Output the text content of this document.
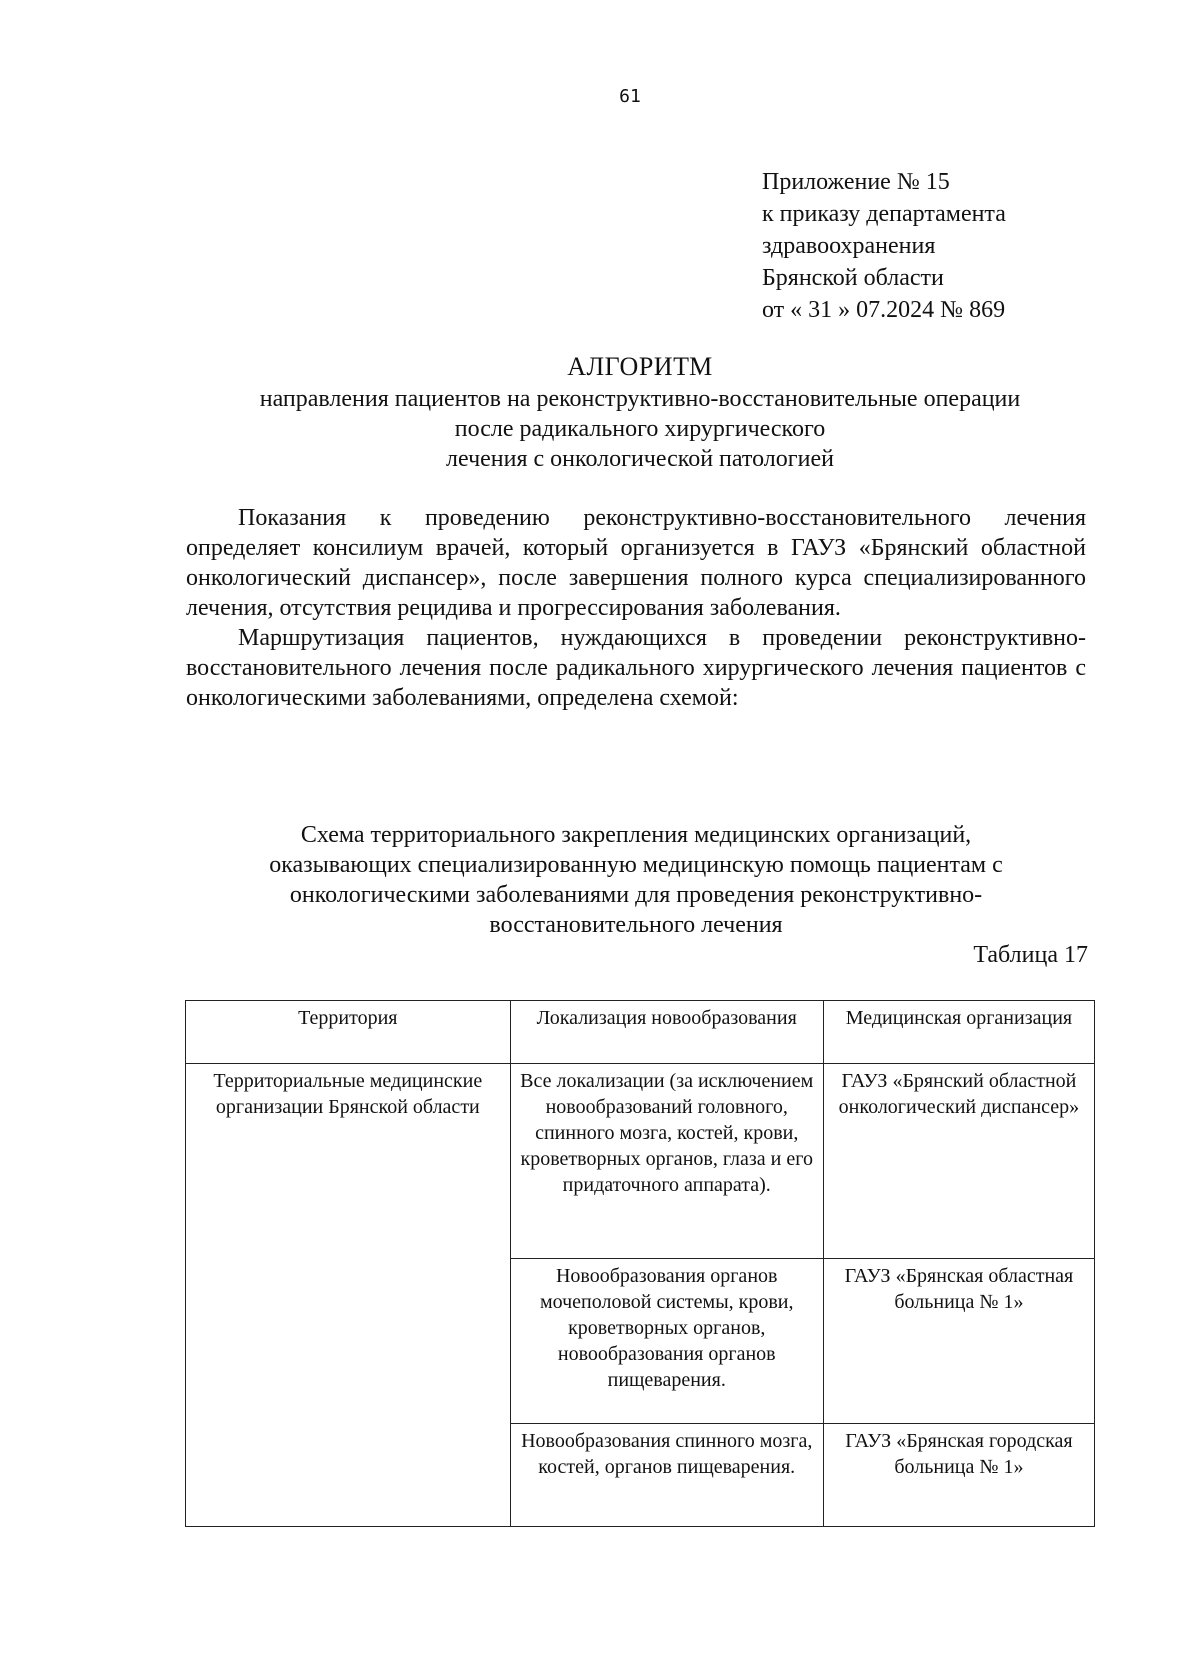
61
Приложение № 15
к приказу департамента
здравоохранения
Брянской области
от « 31 » 07.2024 № 869
АЛГОРИТМ
направления пациентов на реконструктивно-восстановительные операции
после радикального хирургического
лечения с онкологической патологией

Показания к проведению реконструктивно-восстановительного лечения определяет консилиум врачей, который организуется в ГАУЗ «Брянский областной онкологический диспансер», после завершения полного курса специализированного лечения, отсутствия рецидива и прогрессирования заболевания.

Маршрутизация пациентов, нуждающихся в проведении реконструктивно-восстановительного лечения после радикального хирургического лечения пациентов с онкологическими заболеваниями, определена схемой:

Схема территориального закрепления медицинских организаций,
оказывающих специализированную медицинскую помощь пациентам с
онкологическими заболеваниями для проведения реконструктивно-
восстановительного лечения
Таблица 17
Территория	Локализация новообразования	Медицинская организация
Территориальные медицинские организации Брянской области	Все локализации (за исключением новообразований головного, спинного мозга, костей, крови, кроветворных органов, глаза и его придаточного аппарата).	ГАУЗ «Брянский областной онкологический диспансер»
	Новообразования органов мочеполовой системы, крови, кроветворных органов, новообразования органов пищеварения.	ГАУЗ «Брянская областная больница № 1»
	Новообразования спинного мозга, костей, органов пищеварения.	ГАУЗ «Брянская городская больница № 1»
